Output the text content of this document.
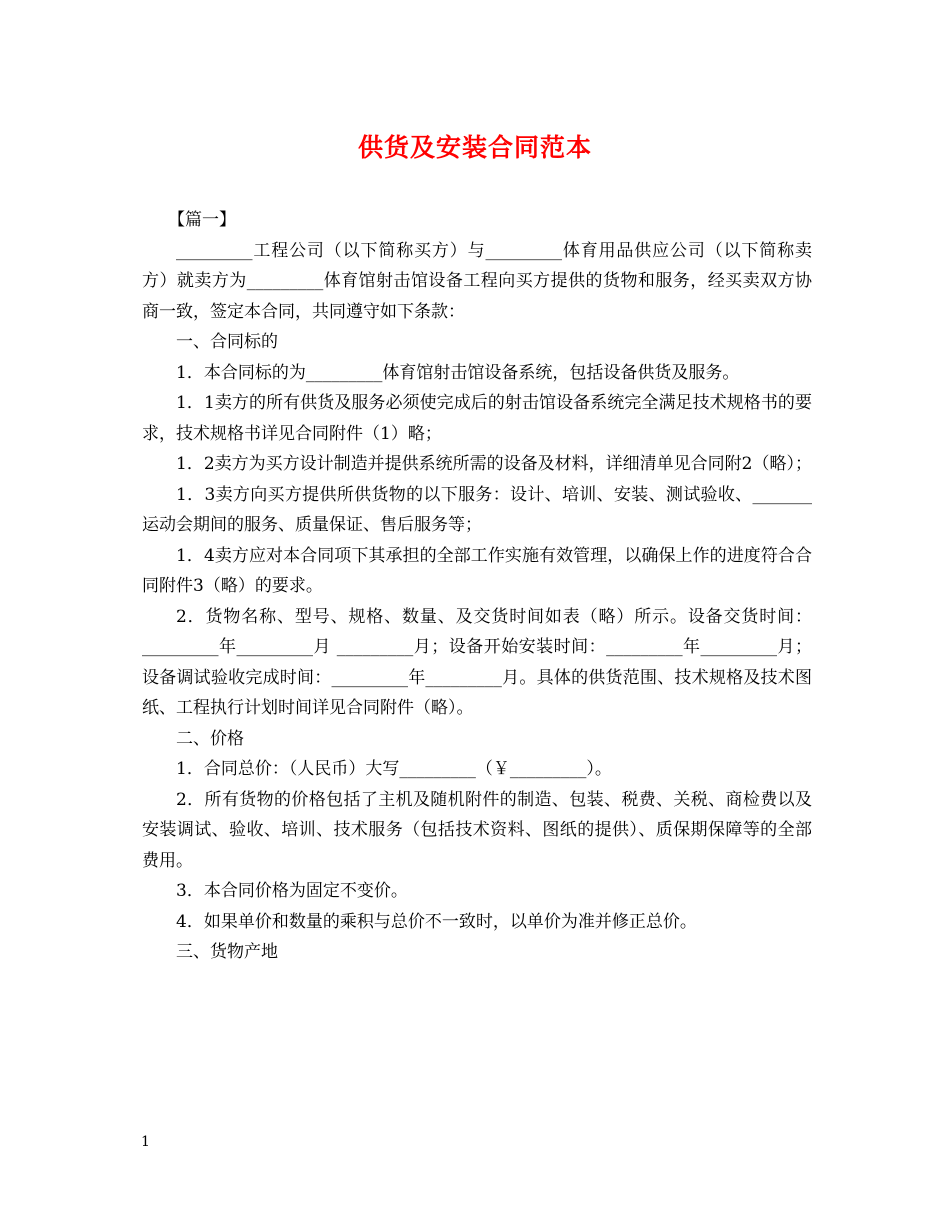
供货及安装合同范本

【篇一】

_________工程公司（以下简称买方）与_________体育用品供应公司（以下简称卖方）就卖方为_________体育馆射击馆设备工程向买方提供的货物和服务，经买卖双方协商一致，签定本合同，共同遵守如下条款：

一、合同标的

1．本合同标的为_________体育馆射击馆设备系统，包括设备供货及服务。

1．1卖方的所有供货及服务必须使完成后的射击馆设备系统完全满足技术规格书的要求，技术规格书详见合同附件（1）略；

1．2卖方为买方设计制造并提供系统所需的设备及材料，详细清单见合同附2（略）；

1．3卖方向买方提供所供货物的以下服务：设计、培训、安装、测试验收、_______运动会期间的服务、质量保证、售后服务等；

1．4卖方应对本合同项下其承担的全部工作实施有效管理，以确保上作的进度符合合同附件3（略）的要求。

2．货物名称、型号、规格、数量、及交货时间如表（略）所示。设备交货时间：_________年_________月 _________月；设备开始安装时间：_________年_________月；设备调试验收完成时间：_________年_________月。具体的供货范围、技术规格及技术图纸、工程执行计划时间详见合同附件（略）。

二、价格

1．合同总价：（人民币）大写_________（￥_________）。

2．所有货物的价格包括了主机及随机附件的制造、包装、税费、关税、商检费以及安装调试、验收、培训、技术服务（包括技术资料、图纸的提供）、质保期保障等的全部费用。

3．本合同价格为固定不变价。

4．如果单价和数量的乘积与总价不一致时，以单价为准并修正总价。

三、货物产地

1
